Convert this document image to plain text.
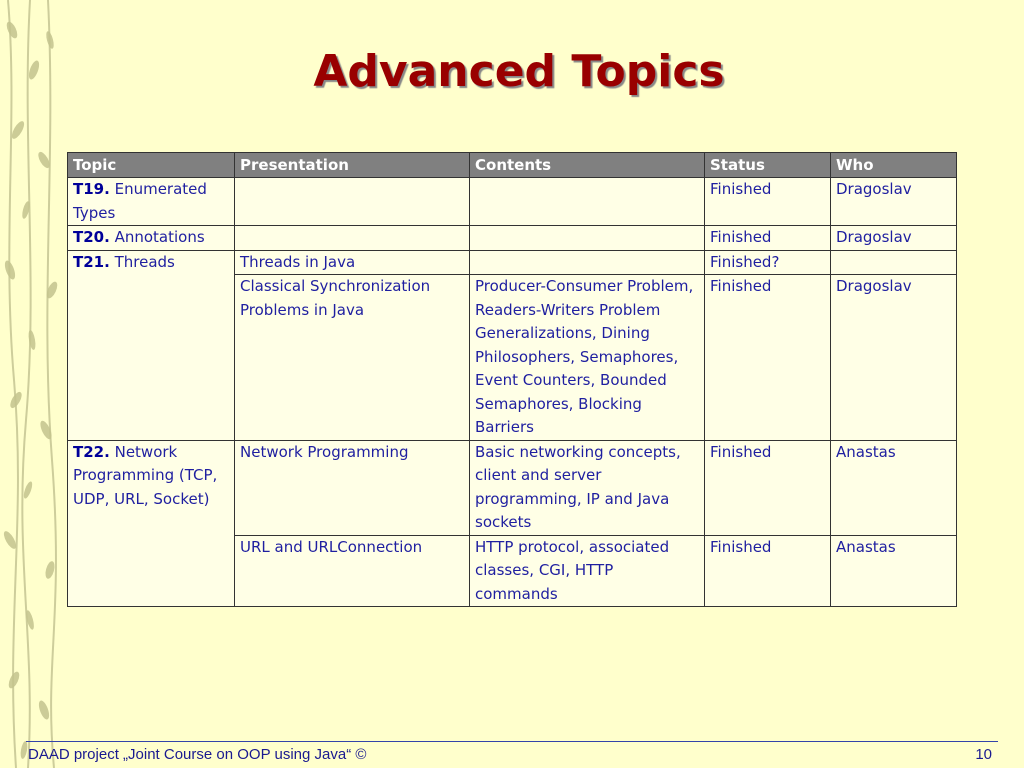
Advanced Topics
Topic	Presentation	Contents	Status	Who
T19. Enumerated Types			Finished	Dragoslav
T20. Annotations			Finished	Dragoslav
T21. Threads	Threads in Java		Finished?	
	Classical Synchronization Problems in Java	Producer-Consumer Problem, Readers-Writers Problem Generalizations, Dining Philosophers, Semaphores, Event Counters, Bounded Semaphores, Blocking Barriers	Finished	Dragoslav
T22. Network Programming (TCP, UDP, URL, Socket)	Network Programming	Basic networking concepts, client and server programming, IP and Java sockets	Finished	Anastas
	URL and URLConnection	HTTP protocol, associated classes, CGI, HTTP commands	Finished	Anastas
DAAD project „Joint Course on OOP using Java“ ©	10
